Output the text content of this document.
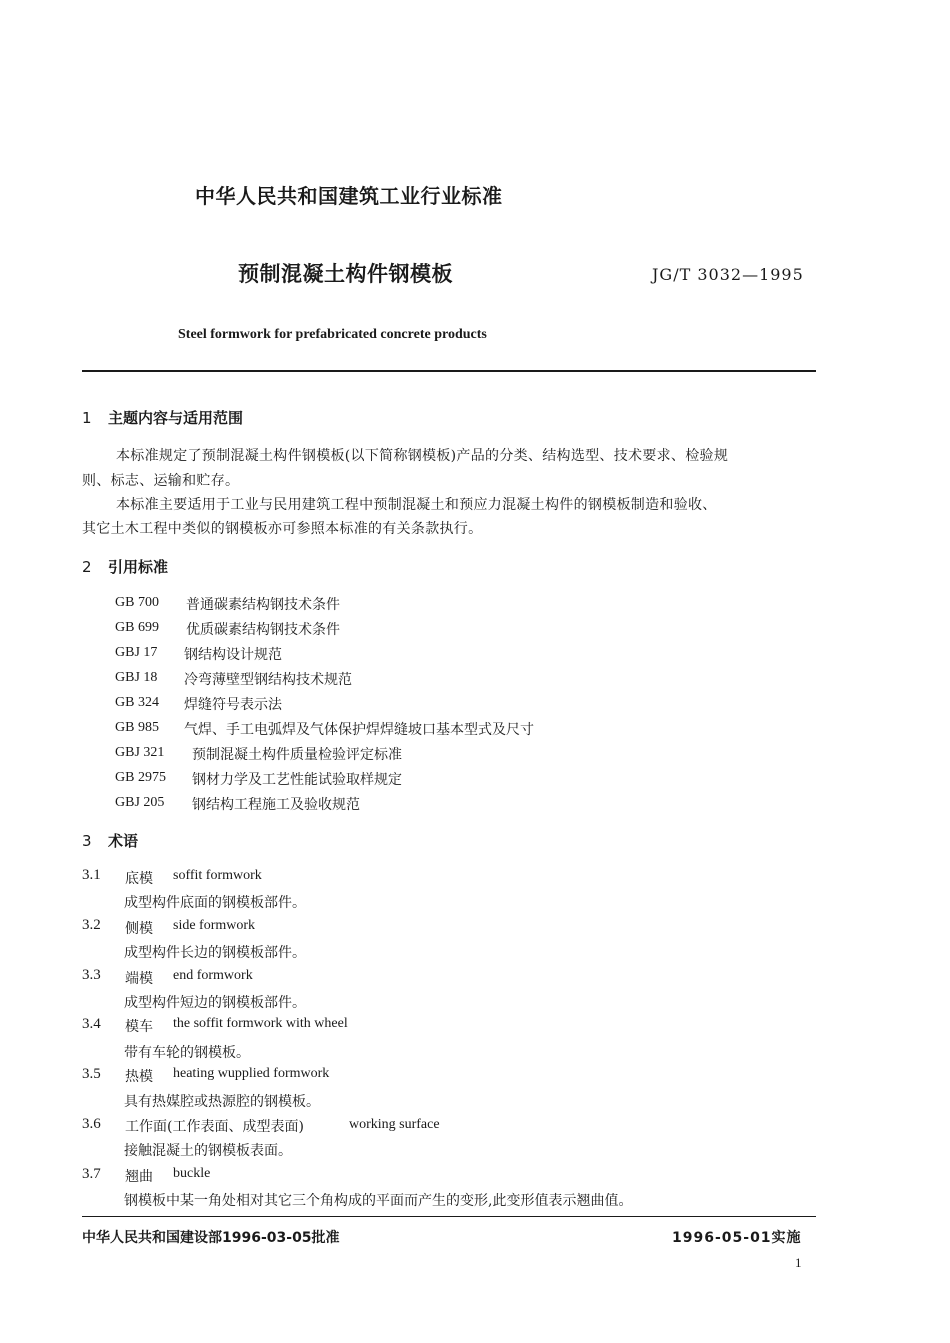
中华人民共和国建筑工业行业标准
预制混凝土构件钢模板	JG/T 3032—1995
Steel formwork for prefabricated concrete products
1 主题内容与适用范围
本标准规定了预制混凝土构件钢模板(以下简称钢模板)产品的分类、结构选型、技术要求、检验规
则、标志、运输和贮存。
本标准主要适用于工业与民用建筑工程中预制混凝土和预应力混凝土构件的钢模板制造和验收、
其它土木工程中类似的钢模板亦可参照本标准的有关条款执行。
2 引用标准
GB 700 普通碳素结构钢技术条件
GB 699 优质碳素结构钢技术条件
GBJ 17 钢结构设计规范
GBJ 18 冷弯薄壁型钢结构技术规范
GB 324 焊缝符号表示法
GB 985 气焊、手工电弧焊及气体保护焊焊缝坡口基本型式及尺寸
GBJ 321 预制混凝土构件质量检验评定标准
GB 2975 钢材力学及工艺性能试验取样规定
GBJ 205 钢结构工程施工及验收规范
3 术语
3.1 底模 soffit formwork
成型构件底面的钢模板部件。
3.2 侧模 side formwork
成型构件长边的钢模板部件。
3.3 端模 end formwork
成型构件短边的钢模板部件。
3.4 模车 the soffit formwork with wheel
带有车轮的钢模板。
3.5 热模 heating wupplied formwork
具有热媒腔或热源腔的钢模板。
3.6 工作面(工作表面、成型表面)	working surface
接触混凝土的钢模板表面。
3.7 翘曲 buckle
钢模板中某一角处相对其它三个角构成的平面而产生的变形,此变形值表示翘曲值。
中华人民共和国建设部1996-03-05批准	1996-05-01实施
1
